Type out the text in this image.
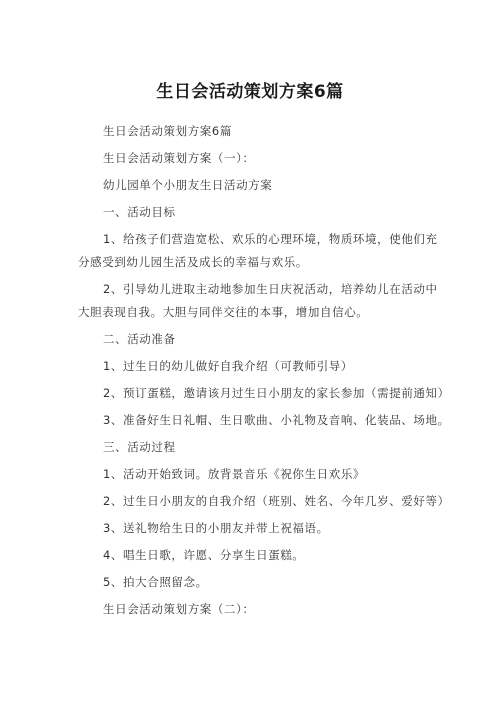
生日会活动策划方案6篇
生日会活动策划方案6篇
生日会活动策划方案（一）：
幼儿园单个小朋友生日活动方案
一、活动目标
1、给孩子们营造宽松、欢乐的心理环境，物质环境，使他们充
分感受到幼儿园生活及成长的幸福与欢乐。
2、引导幼儿进取主动地参加生日庆祝活动，培养幼儿在活动中
大胆表现自我。大胆与同伴交往的本事，增加自信心。
二、活动准备
1、过生日的幼儿做好自我介绍（可教师引导）
2、预订蛋糕，邀请该月过生日小朋友的家长参加（需提前通知）
3、准备好生日礼帽、生日歌曲、小礼物及音响、化装品、场地。
三、活动过程
1、活动开始致词。放背景音乐《祝你生日欢乐》
2、过生日小朋友的自我介绍（班别、姓名、今年几岁、爱好等）
3、送礼物给生日的小朋友并带上祝福语。
4、唱生日歌，许愿、分享生日蛋糕。
5、拍大合照留念。
生日会活动策划方案（二）：
